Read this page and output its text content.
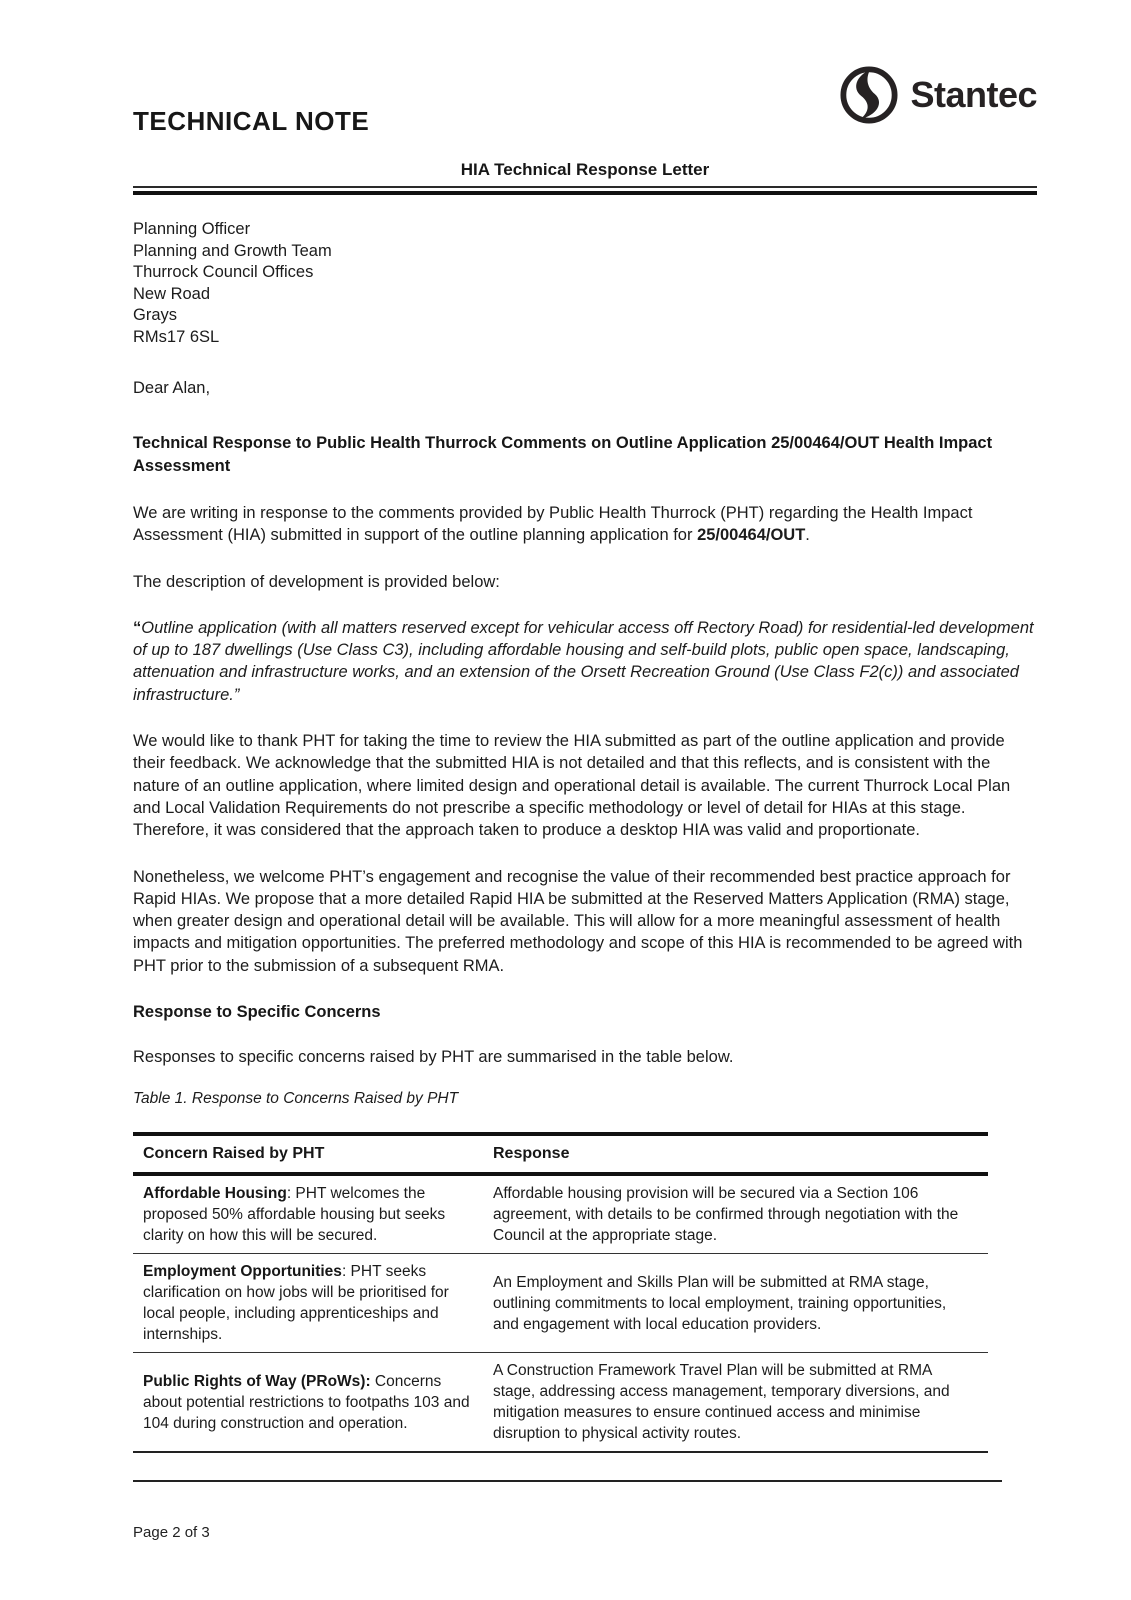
TECHNICAL NOTE
Stantec
HIA Technical Response Letter
Planning Officer
Planning and Growth Team
Thurrock Council Offices
New Road
Grays
RMs17 6SL
Dear Alan,
Technical Response to Public Health Thurrock Comments on Outline Application 25/00464/OUT Health Impact Assessment

We are writing in response to the comments provided by Public Health Thurrock (PHT) regarding the Health Impact Assessment (HIA) submitted in support of the outline planning application for 25/00464/OUT.

The description of development is provided below:

“Outline application (with all matters reserved except for vehicular access off Rectory Road) for residential-led development of up to 187 dwellings (Use Class C3), including affordable housing and self-build plots, public open space, landscaping, attenuation and infrastructure works, and an extension of the Orsett Recreation Ground (Use Class F2(c)) and associated infrastructure.”

We would like to thank PHT for taking the time to review the HIA submitted as part of the outline application and provide their feedback. We acknowledge that the submitted HIA is not detailed and that this reflects, and is consistent with the nature of an outline application, where limited design and operational detail is available. The current Thurrock Local Plan and Local Validation Requirements do not prescribe a specific methodology or level of detail for HIAs at this stage. Therefore, it was considered that the approach taken to produce a desktop HIA was valid and proportionate.

Nonetheless, we welcome PHT’s engagement and recognise the value of their recommended best practice approach for Rapid HIAs. We propose that a more detailed Rapid HIA be submitted at the Reserved Matters Application (RMA) stage, when greater design and operational detail will be available. This will allow for a more meaningful assessment of health impacts and mitigation opportunities. The preferred methodology and scope of this HIA is recommended to be agreed with PHT prior to the submission of a subsequent RMA.

Response to Specific Concerns

Responses to specific concerns raised by PHT are summarised in the table below.

Table 1. Response to Concerns Raised by PHT
Concern Raised by PHT	Response
Affordable Housing: PHT welcomes the proposed 50% affordable housing but seeks clarity on how this will be secured.	Affordable housing provision will be secured via a Section 106 agreement, with details to be confirmed through negotiation with the Council at the appropriate stage.
Employment Opportunities: PHT seeks clarification on how jobs will be prioritised for local people, including apprenticeships and internships.	An Employment and Skills Plan will be submitted at RMA stage, outlining commitments to local employment, training opportunities, and engagement with local education providers.
Public Rights of Way (PRoWs): Concerns about potential restrictions to footpaths 103 and 104 during construction and operation.	A Construction Framework Travel Plan will be submitted at RMA stage, addressing access management, temporary diversions, and mitigation measures to ensure continued access and minimise disruption to physical activity routes.
Page 2 of 3
